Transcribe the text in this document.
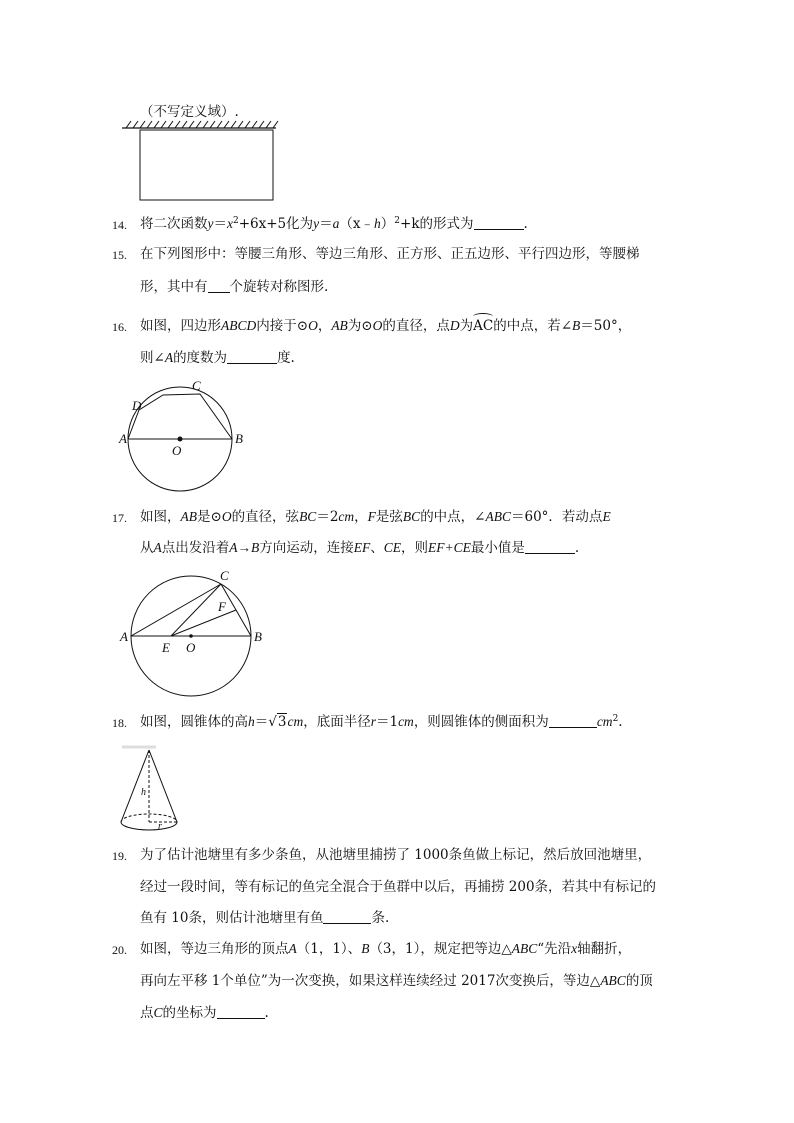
（不写定义域）.
14. 将二次函数$y=x^2+6x+5$化为y＝a（x﹣h）$^2$+k的形式为	.
15. 在下列图形中：等腰三角形、等边三角形、正方形、正五边形、平行四边形，等腰梯
形，其中有 个旋转对称图形.
16. 如图，四边形ABCD内接于⊙O，AB为⊙O的直径，点D为AC的中点，若∠B＝50°，
则∠A的度数为	度.
A
D
C
B
O
17. 如图，AB是⊙O的直径，弦BC＝2cm，F是弦BC的中点，∠ABC＝60°．若动点E
从A点出发沿着A→B方向运动，连接EF、CE，则EF+CE最小值是	.
A
C
F
B
E O
18. 如图，圆锥体的高h＝√3cm，底面半径r＝1cm，则圆锥体的侧面积为	$cm^2$.
h
r
19. 为了估计池塘里有多少条鱼，从池塘里捕捞了 1000条鱼做上标记，然后放回池塘里，
经过一段时间，等有标记的鱼完全混合于鱼群中以后，再捕捞 200条，若其中有标记的
鱼有 10条，则估计池塘里有鱼	条.
20. 如图，等边三角形的顶点A（1，1）、B（3，1），规定把等边△ABC“先沿x轴翻折，
再向左平移 1个单位”为一次变换，如果这样连续经过 2017次变换后，等边△ABC的顶
点C的坐标为	.
